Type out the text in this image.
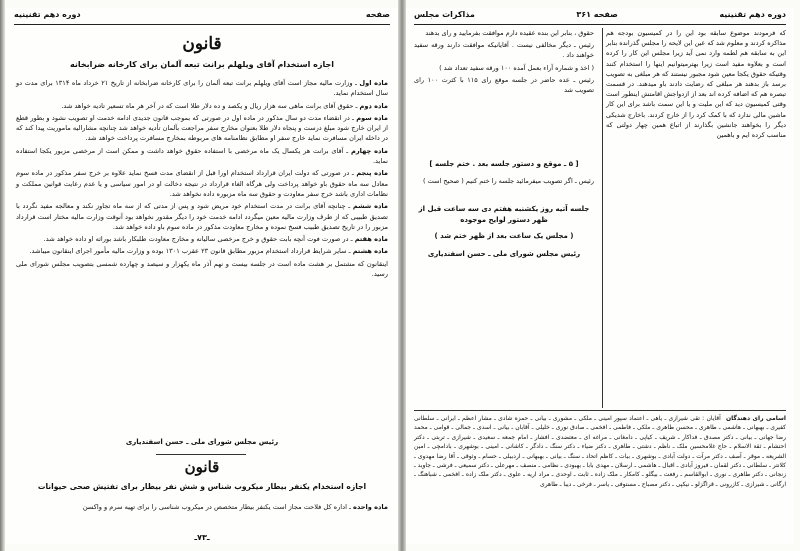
صفحه
دوره دهم تقنینیه
قانون
اجازه استخدام آقای ویلهلم برانت تبعه آلمان برای کارخانه ضرابخانه

ماده اول ـ وزارت مالیه مجاز است آقای ویلهلم برانت تبعه آلمان را برای کارخانه ضرابخانه از تاریخ ۲۱ خرداد ماه ۱۳۱۴ برای مدت دو سال استخدام نماید.

ماده دوم ـ حقوق آقای برانت ماهی سه هزار ریال و یکصد و ده دلار طلا است که در آخر هر ماه تسعیر تادیه خواهد شد.

ماده سوم ـ در انقضاء مدت دو سال مذکور در ماده اول در صورتی که بموجب قانون جدیدی ادامه خدمت او تصویب نشود و بطور قطع از ایران خارج شود مبلغ درست و پنجاه دلار طلا بعنوان مخارج سفر مراجعت بآلمان تأدیه خواهد شد چنانچه مشارالیه ماموریت پیدا کند که در داخله ایران مسافرت نماید خارج سفر او مطابق نظامنامه های مربوطه بمخارج مسافرت پرداخت خواهد شد.

ماده چهارم ـ آقای برانت هر یکسال یک ماه مرخصی با استفاده حقوق خواهد داشت و ممکن است از مرخصی مزبور یکجا استفاده نماید.

ماده پنجم ـ در صورتی که دولت ایران قرارداد استخدام اورا قبل از انقضای مدت فسخ نماید علاوه بر خرج سفر مذکور در ماده سوم معادل سه ماه حقوق باو خواهد پرداخت ولی هرگاه الغاء قرارداد در نتیجه دخالت او در امور سیاسی و یا عدم رعایت قوانین مملکت و نظامات اداری باشد خرج سفر معاودت و حقوق سه ماه مزبوره داده نخواهد شد.

ماده ششم ـ چنانچه آقای برانت در مدت استخدام خود مریض شود و پس از مدتی که از سه ماه تجاوز نکند و معالجه مفید نگردد با تصدیق طبیبی که از طرف وزارت مالیه معین میگردد ادامه خدمت خود را دیگر مقدور نخواهد بود آنوقت وزارت مالیه مختار است قرارداد مزبور را در تاریخ تصدیق طبیب فسخ نموده و مخارج معاودت مذکور در ماده سوم باو داده خواهد شد.

ماده هفتم ـ در صورت فوت آنچه بابت حقوق و خرج مرخصی سالیانه و مخارج معاودت طلبکار باشد بوراثه او داده خواهد شد.

ماده هشتم ـ سایر شرایط قرارداد استخدام مزبور مطابق قانون ۲۳ عقرب ۱۳۰۱ بوده و وزارت مالیه مأمور اجرای اینقانون میباشد.

اینقانون که مشتمل بر هشت ماده است در جلسه بیست و نهم آذر ماه یکهزار و سیصد و چهارده شمسی بتصویب مجلس شورای ملی رسید.

رئیس مجلس شورای ملی ـ حسن اسفندیاری
قانون
اجازه استخدام یکنفر بیطار میکروب شناس و شش نفر بیطار برای تفتیش صحی حیوانات

ماده واحده ـ اداره کل فلاحت مجاز است یکنفر بیطار متخصص در میکروب شناسی را برای تهیه سرم و واکسن

ـ۷۳ـ
دوره دهم تقنینیه
صفحه ۳۶۱
مذاکرات مجلس

که فرمودند موضوع سابقه بود این را در کمیسیون بودجه هم مذاکره کردند و معلوم شد که عین این لایحه را مجلس گذرانده بنابر این به سابقه هم لطمه وارد نمی آید زیرا مجلس این کار را کرده است و بعلاوه مفید است زیرا بهترمیتوانیم اینها را استخدام کنند وقتیکه حقوق یکجا معین شود مجبور نیستند که هر مبلغی به تصویب برسد باز بدهند هر مبلغی که رضایت دادند باو میدهند. در قسمت تبصره هم که اضافه کرده اند بعد از ازدواجش اقامتش اینطور است وقتی کمیسیون دید که این ملیت و یا این سمت باشد برای این کار ماشین مالی ندارد که با کمک کرد را از خارج کردند. باخارج شدیکی دیگر را بخواهند جانشین بگذارند از اتباع همین چهار دولتی که مناسب کرده ایم و باهمین

حقوق ، بنابر این بنده عقیده دارم موافقت بفرمایید و رای بدهند

رئیس ـ دیگر مخالفی نیست . آقایانیکه موافقت دارند ورقه سفید خواهند داد .

( اخذ و شماره آراء بعمل آمده ۱۰۰ ورقه سفید تعداد شد )

رئیس ـ عده حاضر در جلسه موقع رای ۱۱۵ با کثرت ۱۰۰ رای تصویب شد

[ ۵ ـ موقع و دستور جلسه بعد . ختم جلسه ]

رئیس ـ اگر تصویب میفرمائید جلسه را ختم کنیم ( صحیح است )

جلسه آتیه روز یکشنبه هفتم دی سه ساعت قبل از ظهر دستور لوایح موجوده
( مجلس یک ساعت بعد از ظهر ختم شد )
رئیس مجلس شورای ملی ـ حسن اسفندیاری
اسامی رای دهندگان آقایان : تقی شیرازی ـ یاهی ـ اعتماد سپور امینی ـ ملکی ـ مشوری ـ بیانی ـ حمزه شادی ـ مشار اعظم ـ ایرانی ـ سلطانی کفیری ـ بهبهانی ـ هاشمی ـ طاهری ـ محسن طاهری ـ ملکی ـ فاطمی ـ افخمی ـ صادق نوری ـ خلیلی ـ آقابان ـ بیانی ـ اسدی ـ جمالی ـ قوامی ـ محمد رضا جهانی ـ بیانی ـ دکتر مصدق ـ فداکار ـ شریف ـ کیاپی ـ دامغانی ـ مراغه ای ـ معتضدی ـ افشار ـ امام جمعه ـ سعیدی ـ شیرازی ـ تربتی ـ دکتر احتشام ـ ثقة الاسلام ـ حاج غلامحسین ملک ـ ناظم ـ دشتی ـ طاهری ـ دکتر ضیاء ـ دکتر سنگ ـ دادگر ـ کاشانی ـ امینی ـ بوشهری ـ بادامچی ـ امین الشریعه ـ موقر ـ آصف ـ دکتر مرآت ـ دولت آبادی ـ بوشهری ـ بیات ـ کاظم اتحاد ـ سنگ ـ بیانی ـ بهبهانی ـ اردبیلی ـ حسام ـ وثوقی ـ آقا رضا مهدوی ـ کلانتر ـ سلطانی ـ دکتر لقمان ـ فیروز آبادی ـ اقبال ـ هاشمی ـ ارسلان ـ مهدی بابا ـ بهبودی ـ نظامی ـ منصف ـ مهرعلی ـ دکتر سمیعی ـ فرشی ـ جاوید ـ زنجانی ـ دکتر طاهری ـ نوری ـ ابوالقاسم ـ رفعت ـ بیگلو ـ کامکار ـ ملک زاده ـ ثابت ـ اوحدی ـ مراد اریه ـ علوی ـ دکتر ملک زاده ـ افخمی ـ شباهنگ ـ ارگانی ـ شیرازی ـ کازرونی ـ قراگزلو ـ نیکپی ـ دکتر مصباح ـ مستوفی ـ یاسر ـ فرخی ـ دیبا ـ طاهری
